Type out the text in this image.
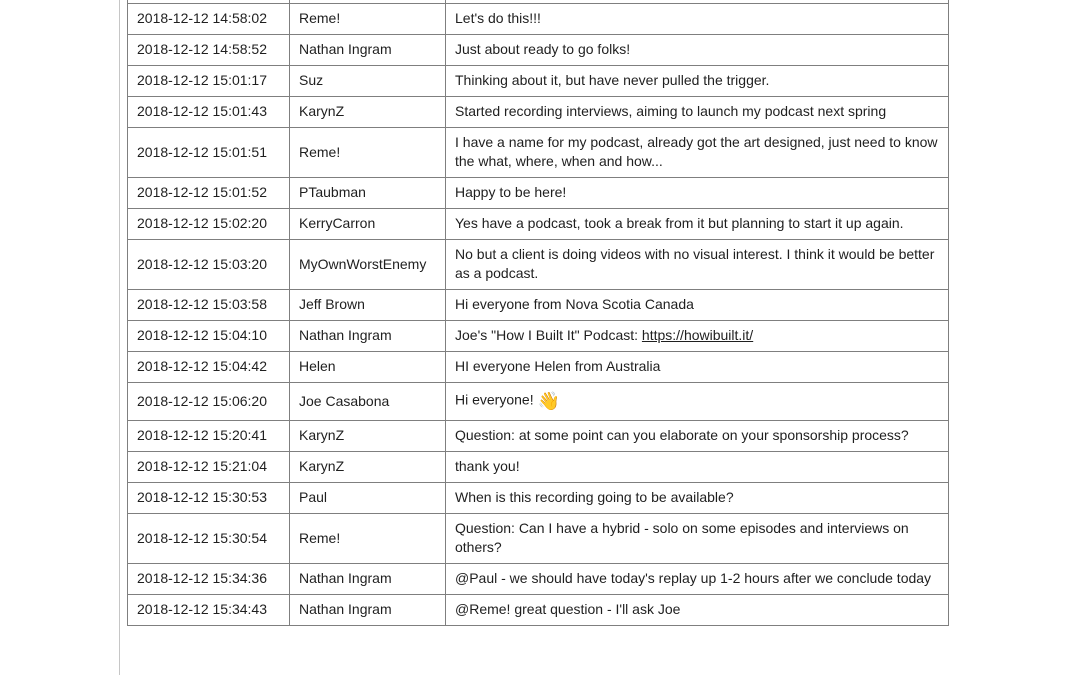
2018-12-12 14:58:02	Reme!	Let's do this!!!
2018-12-12 14:58:52	Nathan Ingram	Just about ready to go folks!
2018-12-12 15:01:17	Suz	Thinking about it, but have never pulled the trigger.
2018-12-12 15:01:43	KarynZ	Started recording interviews, aiming to launch my podcast next spring
2018-12-12 15:01:51	Reme!	I have a name for my podcast, already got the art designed, just need to know the what, where, when and how...
2018-12-12 15:01:52	PTaubman	Happy to be here!
2018-12-12 15:02:20	KerryCarron	Yes have a podcast, took a break from it but planning to start it up again.
2018-12-12 15:03:20	MyOwnWorstEnemy	No but a client is doing videos with no visual interest. I think it would be better as a podcast.
2018-12-12 15:03:58	Jeff Brown	Hi everyone from Nova Scotia Canada
2018-12-12 15:04:10	Nathan Ingram	Joe's "How I Built It" Podcast: https://howibuilt.it/
2018-12-12 15:04:42	Helen	HI everyone Helen from Australia
2018-12-12 15:06:20	Joe Casabona	Hi everyone! 👋
2018-12-12 15:20:41	KarynZ	Question: at some point can you elaborate on your sponsorship process?
2018-12-12 15:21:04	KarynZ	thank you!
2018-12-12 15:30:53	Paul	When is this recording going to be available?
2018-12-12 15:30:54	Reme!	Question: Can I have a hybrid - solo on some episodes and interviews on others?
2018-12-12 15:34:36	Nathan Ingram	@Paul - we should have today's replay up 1-2 hours after we conclude today
2018-12-12 15:34:43	Nathan Ingram	@Reme! great question - I'll ask Joe
